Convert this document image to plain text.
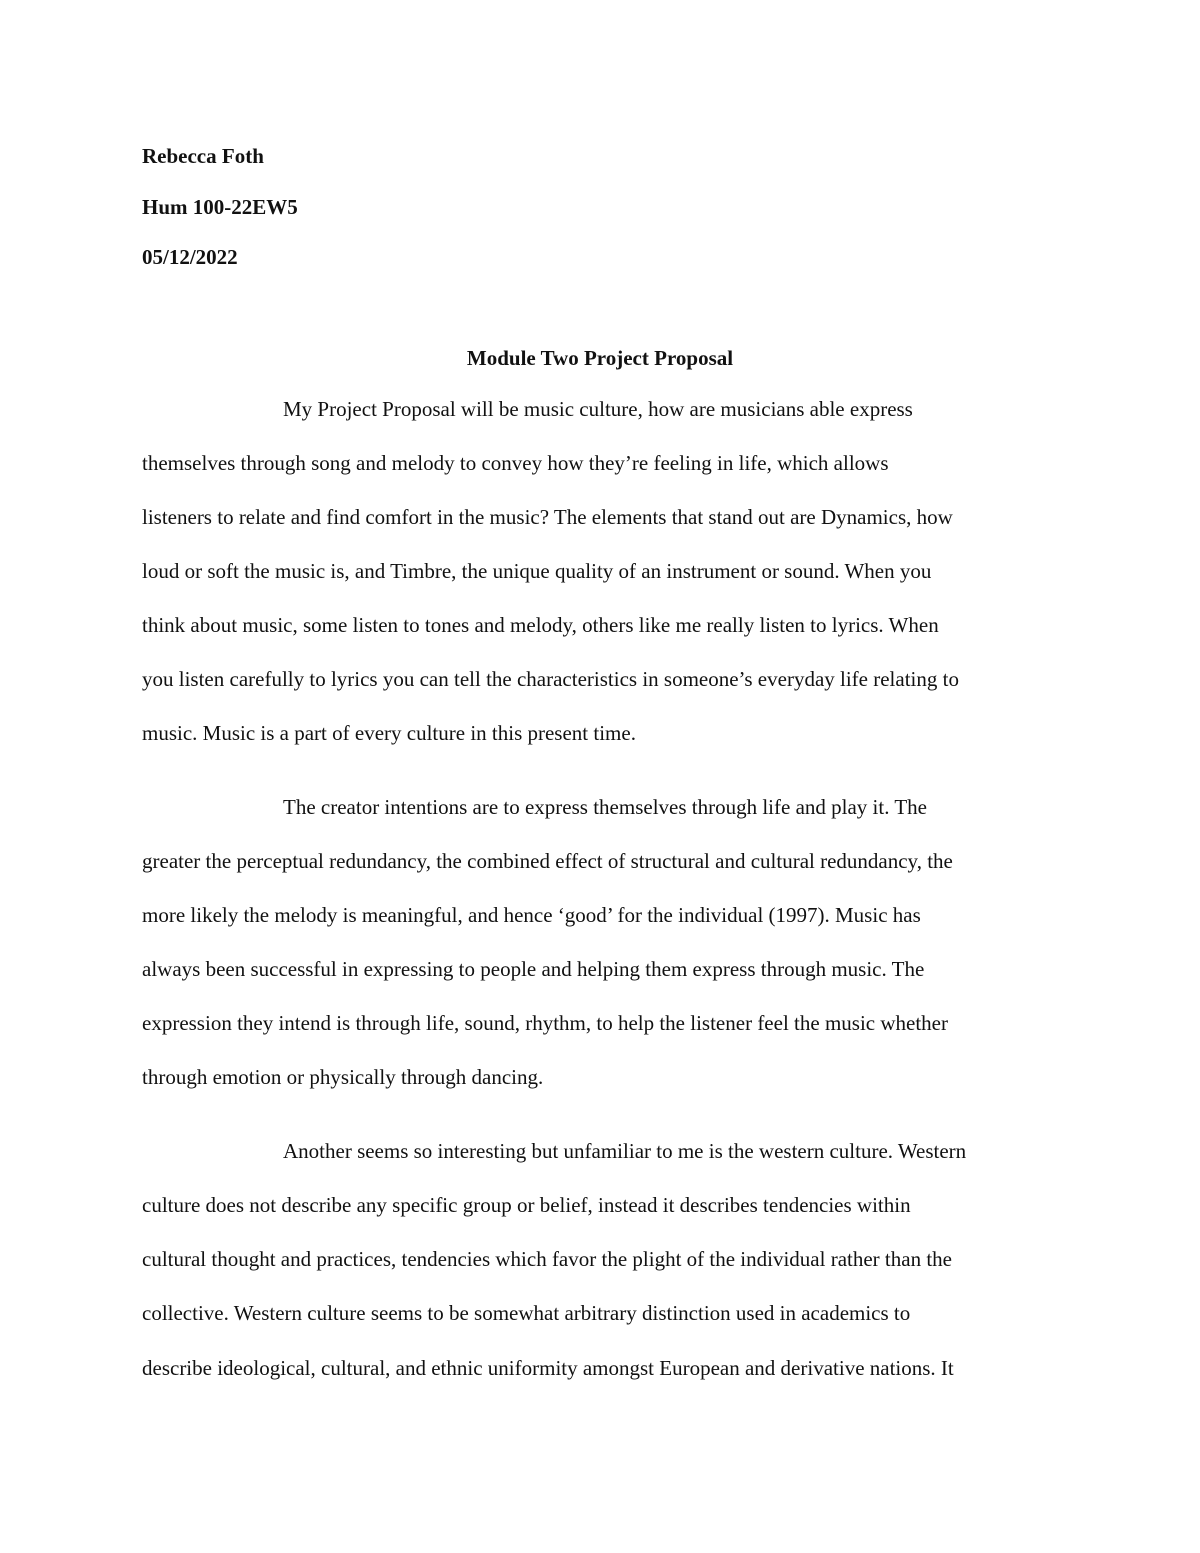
Rebecca Foth
Hum 100-22EW5
05/12/2022
Module Two Project Proposal
My Project Proposal will be music culture, how are musicians able express
themselves through song and melody to convey how they’re feeling in life, which allows
listeners to relate and find comfort in the music? The elements that stand out are Dynamics, how
loud or soft the music is, and Timbre, the unique quality of an instrument or sound. When you
think about music, some listen to tones and melody, others like me really listen to lyrics. When
you listen carefully to lyrics you can tell the characteristics in someone’s everyday life relating to
music. Music is a part of every culture in this present time.
The creator intentions are to express themselves through life and play it. The
greater the perceptual redundancy, the combined effect of structural and cultural redundancy, the
more likely the melody is meaningful, and hence ‘good’ for the individual (1997). Music has
always been successful in expressing to people and helping them express through music. The
expression they intend is through life, sound, rhythm, to help the listener feel the music whether
through emotion or physically through dancing.
Another seems so interesting but unfamiliar to me is the western culture. Western
culture does not describe any specific group or belief, instead it describes tendencies within
cultural thought and practices, tendencies which favor the plight of the individual rather than the
collective. Western culture seems to be somewhat arbitrary distinction used in academics to
describe ideological, cultural, and ethnic uniformity amongst European and derivative nations. It
